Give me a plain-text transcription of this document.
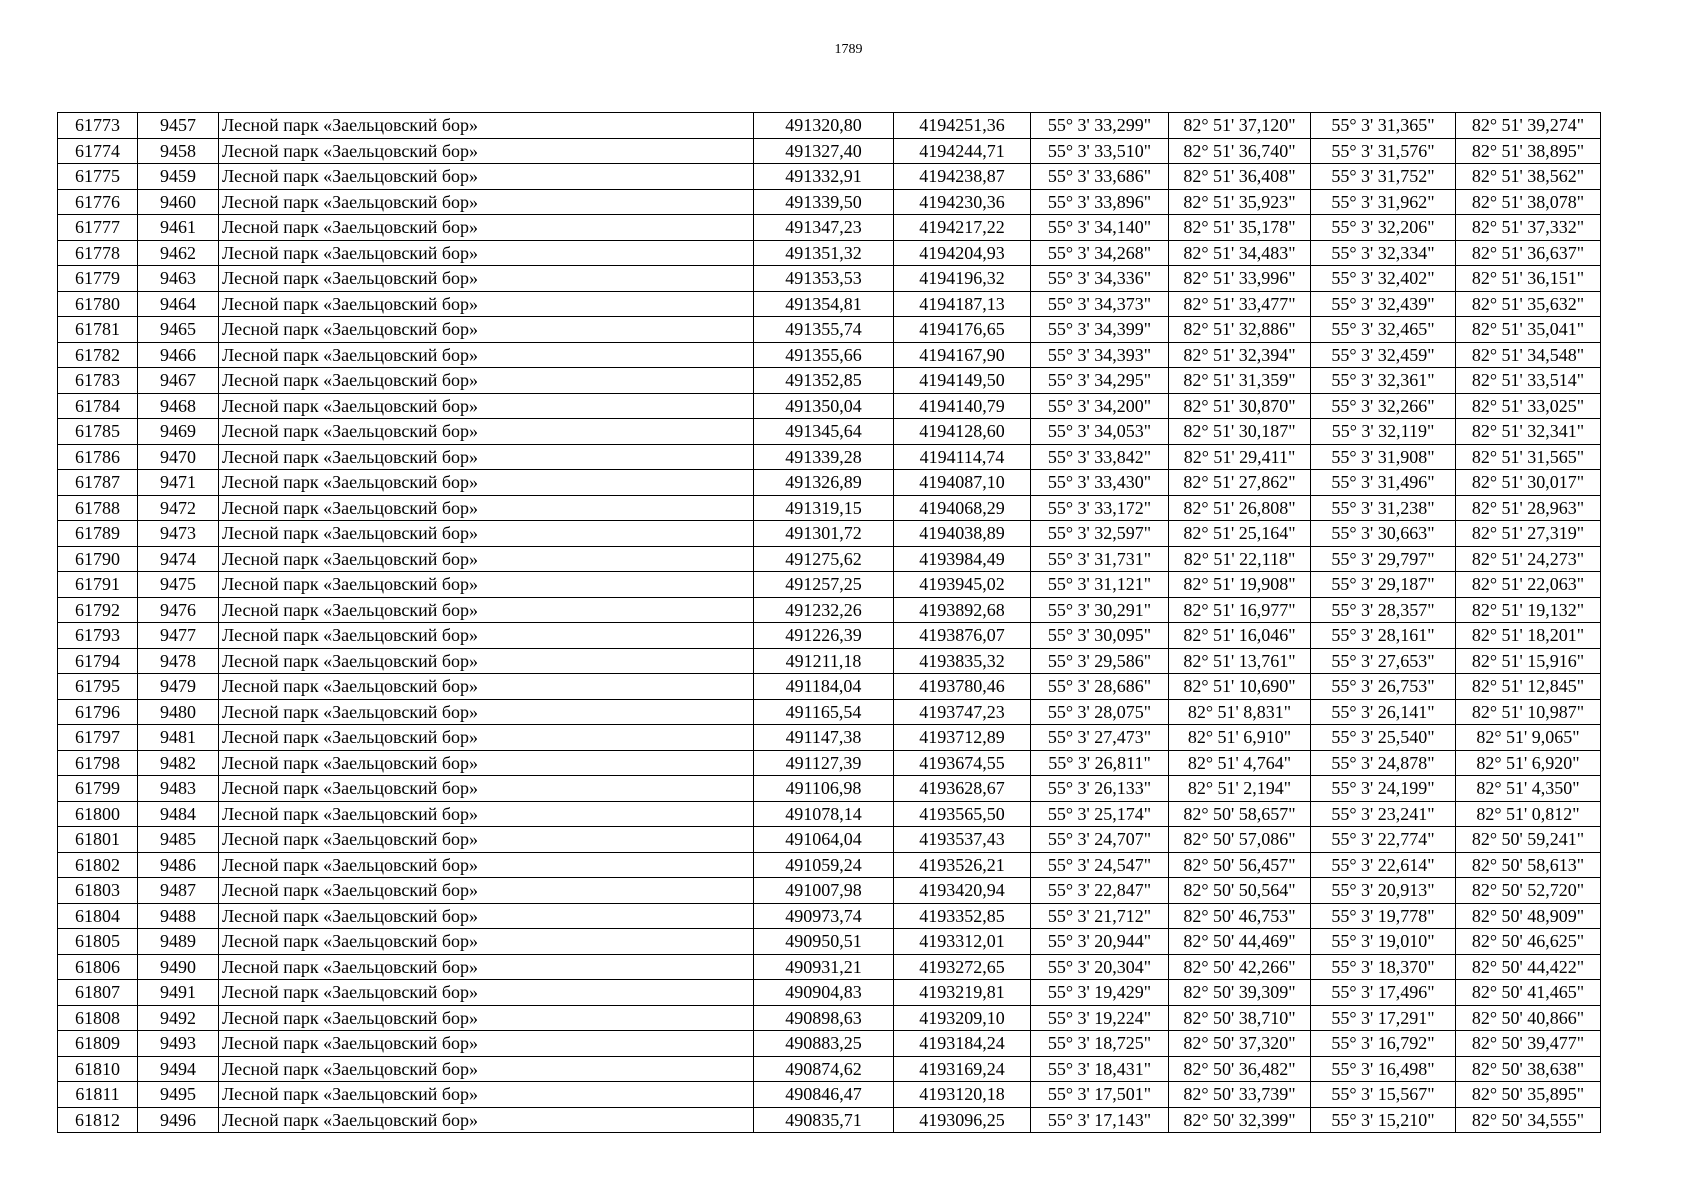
1789
61773	9457	Лесной парк «Заельцовский бор»	491320,80	4194251,36	55° 3' 33,299"	82° 51' 37,120"	55° 3' 31,365"	82° 51' 39,274"
61774	9458	Лесной парк «Заельцовский бор»	491327,40	4194244,71	55° 3' 33,510"	82° 51' 36,740"	55° 3' 31,576"	82° 51' 38,895"
61775	9459	Лесной парк «Заельцовский бор»	491332,91	4194238,87	55° 3' 33,686"	82° 51' 36,408"	55° 3' 31,752"	82° 51' 38,562"
61776	9460	Лесной парк «Заельцовский бор»	491339,50	4194230,36	55° 3' 33,896"	82° 51' 35,923"	55° 3' 31,962"	82° 51' 38,078"
61777	9461	Лесной парк «Заельцовский бор»	491347,23	4194217,22	55° 3' 34,140"	82° 51' 35,178"	55° 3' 32,206"	82° 51' 37,332"
61778	9462	Лесной парк «Заельцовский бор»	491351,32	4194204,93	55° 3' 34,268"	82° 51' 34,483"	55° 3' 32,334"	82° 51' 36,637"
61779	9463	Лесной парк «Заельцовский бор»	491353,53	4194196,32	55° 3' 34,336"	82° 51' 33,996"	55° 3' 32,402"	82° 51' 36,151"
61780	9464	Лесной парк «Заельцовский бор»	491354,81	4194187,13	55° 3' 34,373"	82° 51' 33,477"	55° 3' 32,439"	82° 51' 35,632"
61781	9465	Лесной парк «Заельцовский бор»	491355,74	4194176,65	55° 3' 34,399"	82° 51' 32,886"	55° 3' 32,465"	82° 51' 35,041"
61782	9466	Лесной парк «Заельцовский бор»	491355,66	4194167,90	55° 3' 34,393"	82° 51' 32,394"	55° 3' 32,459"	82° 51' 34,548"
61783	9467	Лесной парк «Заельцовский бор»	491352,85	4194149,50	55° 3' 34,295"	82° 51' 31,359"	55° 3' 32,361"	82° 51' 33,514"
61784	9468	Лесной парк «Заельцовский бор»	491350,04	4194140,79	55° 3' 34,200"	82° 51' 30,870"	55° 3' 32,266"	82° 51' 33,025"
61785	9469	Лесной парк «Заельцовский бор»	491345,64	4194128,60	55° 3' 34,053"	82° 51' 30,187"	55° 3' 32,119"	82° 51' 32,341"
61786	9470	Лесной парк «Заельцовский бор»	491339,28	4194114,74	55° 3' 33,842"	82° 51' 29,411"	55° 3' 31,908"	82° 51' 31,565"
61787	9471	Лесной парк «Заельцовский бор»	491326,89	4194087,10	55° 3' 33,430"	82° 51' 27,862"	55° 3' 31,496"	82° 51' 30,017"
61788	9472	Лесной парк «Заельцовский бор»	491319,15	4194068,29	55° 3' 33,172"	82° 51' 26,808"	55° 3' 31,238"	82° 51' 28,963"
61789	9473	Лесной парк «Заельцовский бор»	491301,72	4194038,89	55° 3' 32,597"	82° 51' 25,164"	55° 3' 30,663"	82° 51' 27,319"
61790	9474	Лесной парк «Заельцовский бор»	491275,62	4193984,49	55° 3' 31,731"	82° 51' 22,118"	55° 3' 29,797"	82° 51' 24,273"
61791	9475	Лесной парк «Заельцовский бор»	491257,25	4193945,02	55° 3' 31,121"	82° 51' 19,908"	55° 3' 29,187"	82° 51' 22,063"
61792	9476	Лесной парк «Заельцовский бор»	491232,26	4193892,68	55° 3' 30,291"	82° 51' 16,977"	55° 3' 28,357"	82° 51' 19,132"
61793	9477	Лесной парк «Заельцовский бор»	491226,39	4193876,07	55° 3' 30,095"	82° 51' 16,046"	55° 3' 28,161"	82° 51' 18,201"
61794	9478	Лесной парк «Заельцовский бор»	491211,18	4193835,32	55° 3' 29,586"	82° 51' 13,761"	55° 3' 27,653"	82° 51' 15,916"
61795	9479	Лесной парк «Заельцовский бор»	491184,04	4193780,46	55° 3' 28,686"	82° 51' 10,690"	55° 3' 26,753"	82° 51' 12,845"
61796	9480	Лесной парк «Заельцовский бор»	491165,54	4193747,23	55° 3' 28,075"	82° 51' 8,831"	55° 3' 26,141"	82° 51' 10,987"
61797	9481	Лесной парк «Заельцовский бор»	491147,38	4193712,89	55° 3' 27,473"	82° 51' 6,910"	55° 3' 25,540"	82° 51' 9,065"
61798	9482	Лесной парк «Заельцовский бор»	491127,39	4193674,55	55° 3' 26,811"	82° 51' 4,764"	55° 3' 24,878"	82° 51' 6,920"
61799	9483	Лесной парк «Заельцовский бор»	491106,98	4193628,67	55° 3' 26,133"	82° 51' 2,194"	55° 3' 24,199"	82° 51' 4,350"
61800	9484	Лесной парк «Заельцовский бор»	491078,14	4193565,50	55° 3' 25,174"	82° 50' 58,657"	55° 3' 23,241"	82° 51' 0,812"
61801	9485	Лесной парк «Заельцовский бор»	491064,04	4193537,43	55° 3' 24,707"	82° 50' 57,086"	55° 3' 22,774"	82° 50' 59,241"
61802	9486	Лесной парк «Заельцовский бор»	491059,24	4193526,21	55° 3' 24,547"	82° 50' 56,457"	55° 3' 22,614"	82° 50' 58,613"
61803	9487	Лесной парк «Заельцовский бор»	491007,98	4193420,94	55° 3' 22,847"	82° 50' 50,564"	55° 3' 20,913"	82° 50' 52,720"
61804	9488	Лесной парк «Заельцовский бор»	490973,74	4193352,85	55° 3' 21,712"	82° 50' 46,753"	55° 3' 19,778"	82° 50' 48,909"
61805	9489	Лесной парк «Заельцовский бор»	490950,51	4193312,01	55° 3' 20,944"	82° 50' 44,469"	55° 3' 19,010"	82° 50' 46,625"
61806	9490	Лесной парк «Заельцовский бор»	490931,21	4193272,65	55° 3' 20,304"	82° 50' 42,266"	55° 3' 18,370"	82° 50' 44,422"
61807	9491	Лесной парк «Заельцовский бор»	490904,83	4193219,81	55° 3' 19,429"	82° 50' 39,309"	55° 3' 17,496"	82° 50' 41,465"
61808	9492	Лесной парк «Заельцовский бор»	490898,63	4193209,10	55° 3' 19,224"	82° 50' 38,710"	55° 3' 17,291"	82° 50' 40,866"
61809	9493	Лесной парк «Заельцовский бор»	490883,25	4193184,24	55° 3' 18,725"	82° 50' 37,320"	55° 3' 16,792"	82° 50' 39,477"
61810	9494	Лесной парк «Заельцовский бор»	490874,62	4193169,24	55° 3' 18,431"	82° 50' 36,482"	55° 3' 16,498"	82° 50' 38,638"
61811	9495	Лесной парк «Заельцовский бор»	490846,47	4193120,18	55° 3' 17,501"	82° 50' 33,739"	55° 3' 15,567"	82° 50' 35,895"
61812	9496	Лесной парк «Заельцовский бор»	490835,71	4193096,25	55° 3' 17,143"	82° 50' 32,399"	55° 3' 15,210"	82° 50' 34,555"
